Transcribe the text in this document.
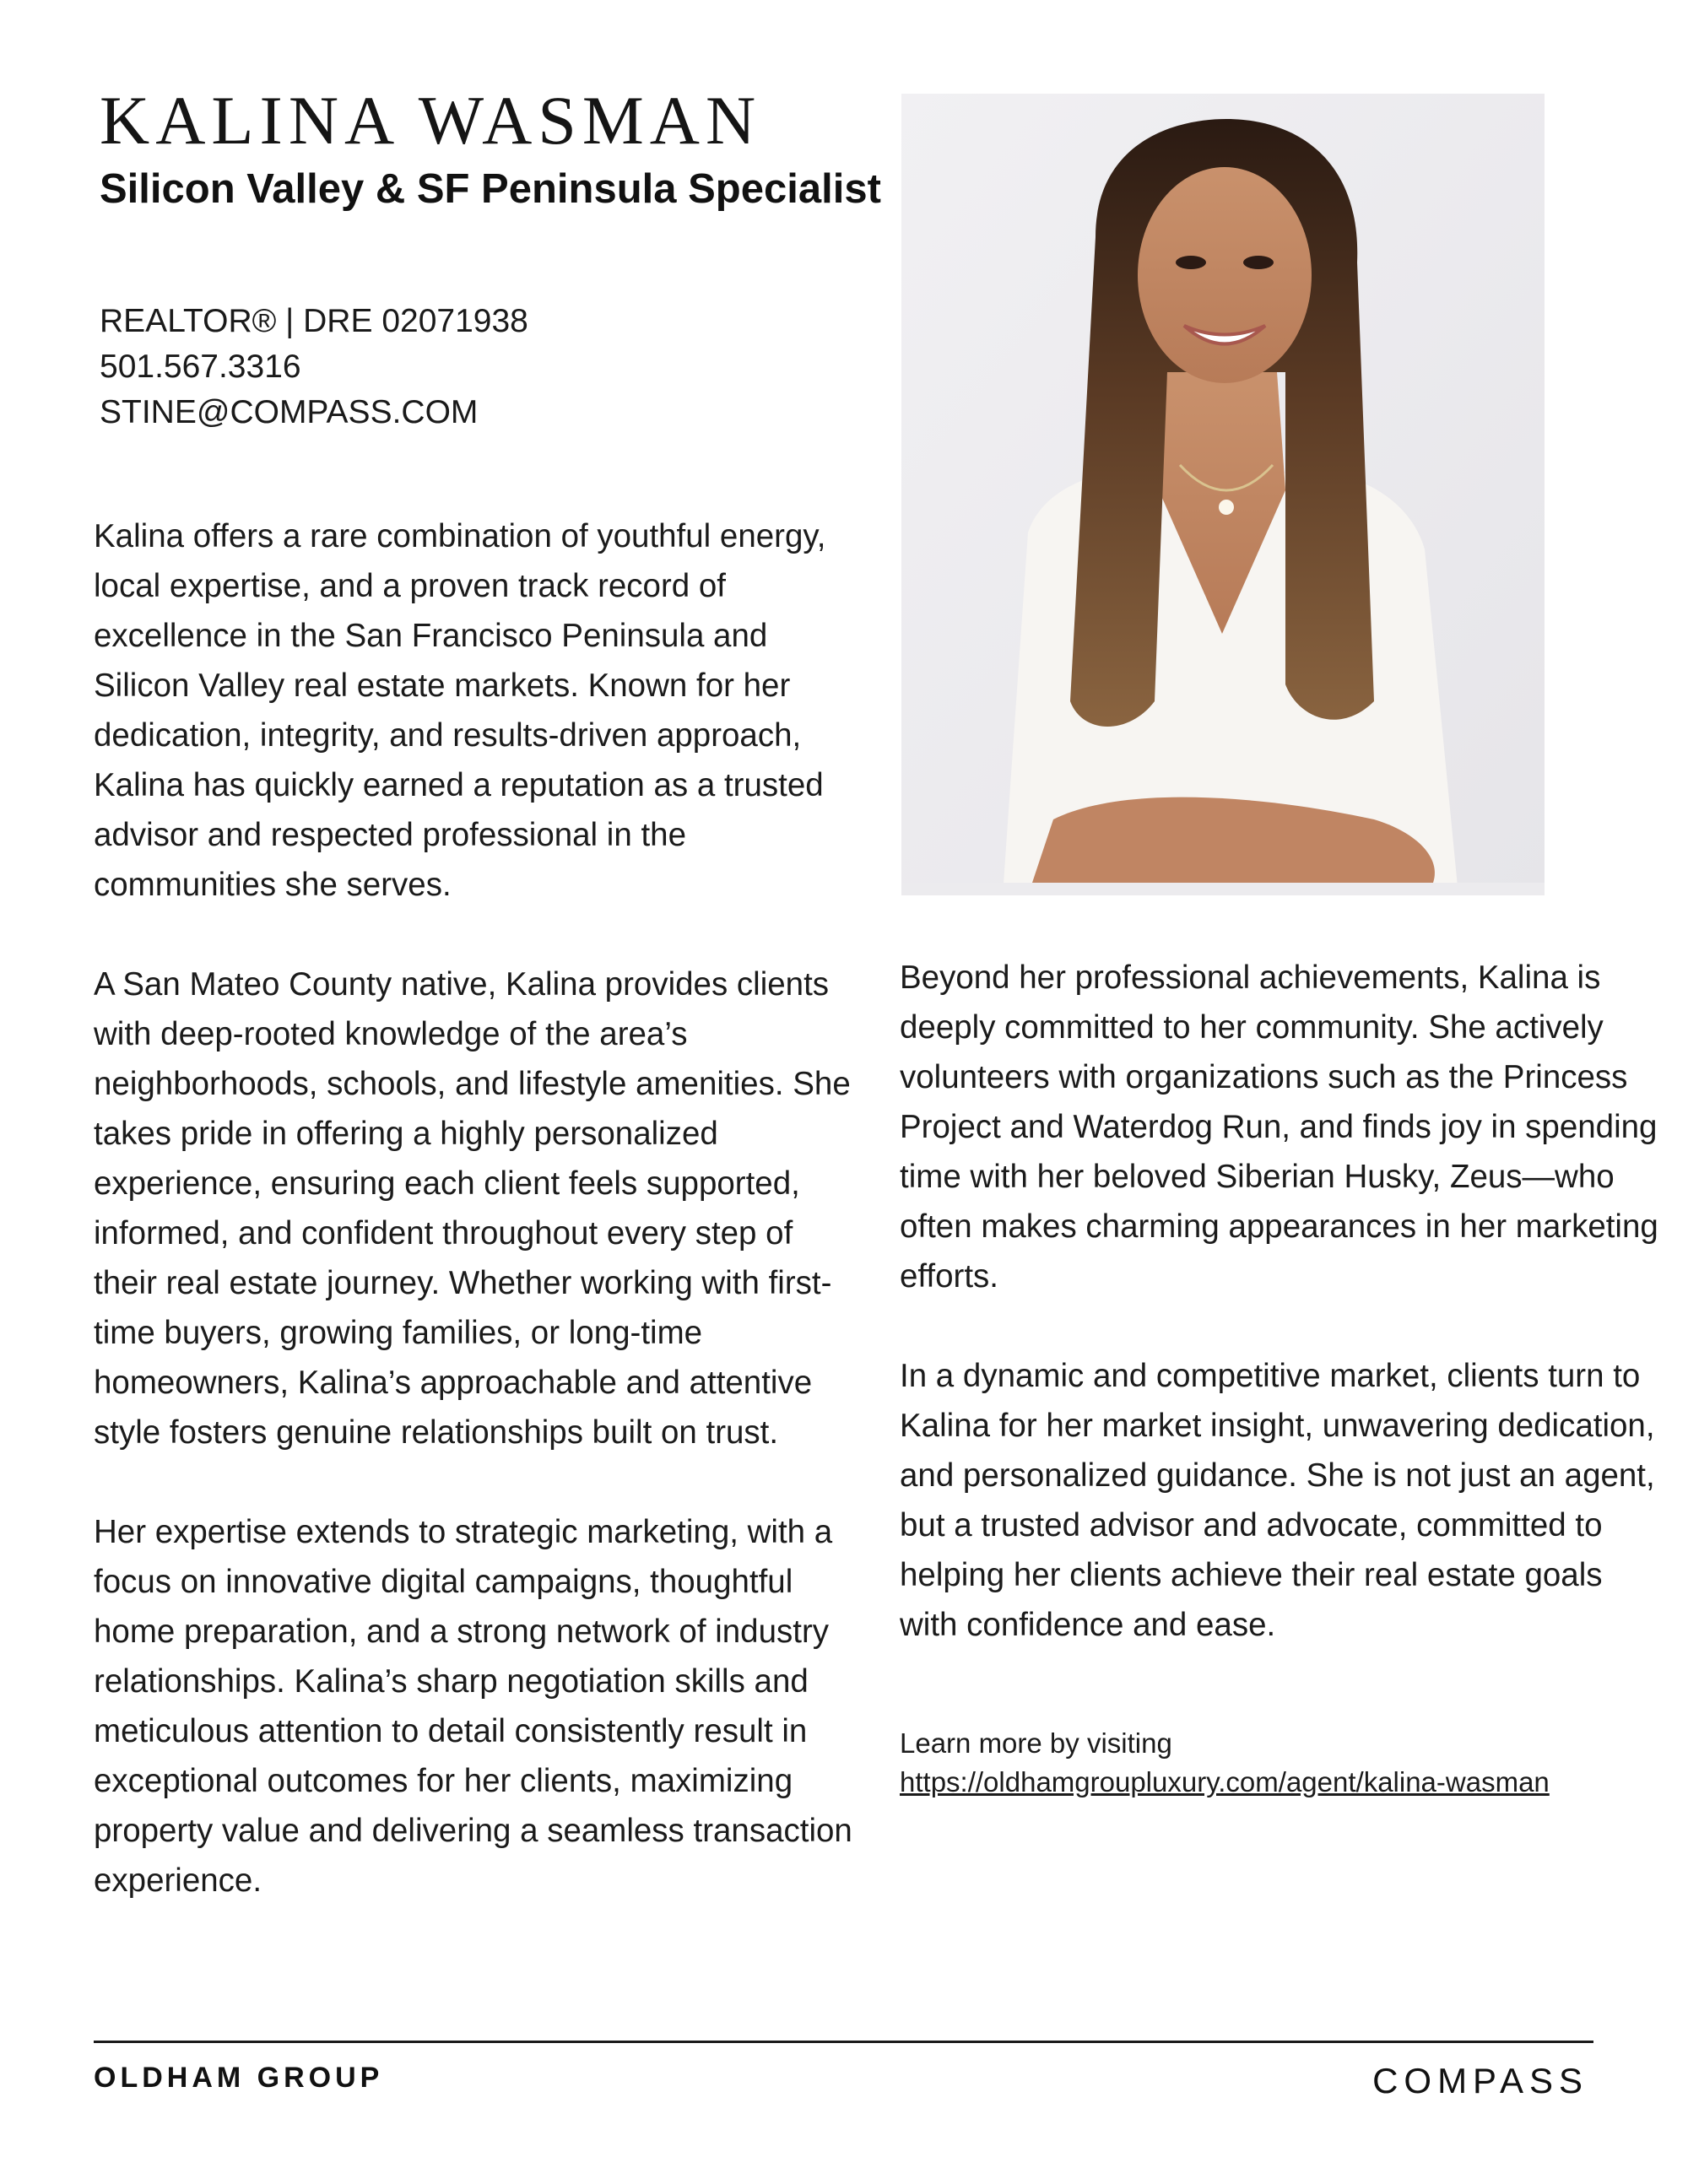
KALINA WASMAN
Silicon Valley & SF Peninsula Specialist
REALTOR® | DRE 02071938
501.567.3316
STINE@COMPASS.COM

Kalina offers a rare combination of youthful energy, local expertise, and a proven track record of excellence in the San Francisco Peninsula and Silicon Valley real estate markets. Known for her dedication, integrity, and results-driven approach, Kalina has quickly earned a reputation as a trusted advisor and respected professional in the communities she serves.

A San Mateo County native, Kalina provides clients with deep-rooted knowledge of the area’s neighborhoods, schools, and lifestyle amenities. She takes pride in offering a highly personalized experience, ensuring each client feels supported, informed, and confident throughout every step of their real estate journey. Whether working with first-time buyers, growing families, or long-time homeowners, Kalina’s approachable and attentive style fosters genuine relationships built on trust.

Her expertise extends to strategic marketing, with a focus on innovative digital campaigns, thoughtful home preparation, and a strong network of industry relationships. Kalina’s sharp negotiation skills and meticulous attention to detail consistently result in exceptional outcomes for her clients, maximizing property value and delivering a seamless transaction experience.

Beyond her professional achievements, Kalina is deeply committed to her community. She actively volunteers with organizations such as the Princess Project and Waterdog Run, and finds joy in spending time with her beloved Siberian Husky, Zeus—who often makes charming appearances in her marketing efforts.

In a dynamic and competitive market, clients turn to Kalina for her market insight, unwavering dedication, and personalized guidance. She is not just an agent, but a trusted advisor and advocate, committed to helping her clients achieve their real estate goals with confidence and ease.

Learn more by visiting
https://oldhamgroupluxury.com/agent/kalina-wasman
OLDHAM GROUP	COMPASS
